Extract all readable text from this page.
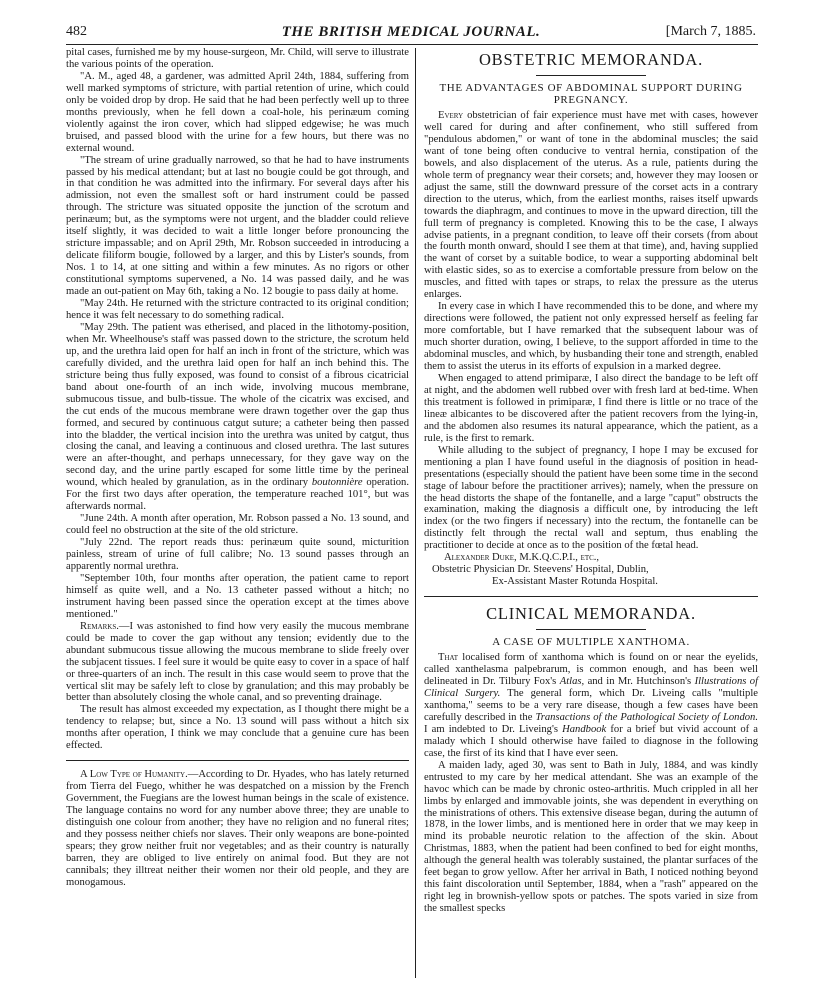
482	THE BRITISH MEDICAL JOURNAL.	[March 7, 1885.

pital cases, furnished me by my house-surgeon, Mr. Child, will serve to illustrate the various points of the operation.

"A. M., aged 48, a gardener, was admitted April 24th, 1884, suffering from well marked symptoms of stricture, with partial retention of urine, which could only be voided drop by drop. He said that he had been perfectly well up to three months previously, when he fell down a coal-hole, his perinæum coming violently against the iron cover, which had slipped edgewise; he was much bruised, and passed blood with the urine for a few hours, but there was no external wound.

"The stream of urine gradually narrowed, so that he had to have instruments passed by his medical attendant; but at last no bougie could be got through, and in that condition he was admitted into the infirmary. For several days after his admission, not even the smallest soft or hard instrument could be passed through. The stricture was situated opposite the junction of the scrotum and perinæum; but, as the symptoms were not urgent, and the bladder could relieve itself slightly, it was decided to wait a little longer before pronouncing the stricture impassable; and on April 29th, Mr. Robson succeeded in introducing a delicate filiform bougie, followed by a larger, and this by Lister's sounds, from Nos. 1 to 14, at one sitting and within a few minutes. As no rigors or other constitutional symptoms supervened, a No. 14 was passed daily, and he was made an out-patient on May 6th, taking a No. 12 bougie to pass daily at home.

"May 24th. He returned with the stricture contracted to its original condition; hence it was felt necessary to do something radical.

"May 29th. The patient was etherised, and placed in the lithotomy-position, when Mr. Wheelhouse's staff was passed down to the stricture, the scrotum held up, and the urethra laid open for half an inch in front of the stricture, which was carefully divided, and the urethra laid open for half an inch behind this. The stricture being thus fully exposed, was found to consist of a fibrous cicatricial band about one-fourth of an inch wide, involving mucous membrane, submucous tissue, and bulb-tissue. The whole of the cicatrix was excised, and the cut ends of the mucous membrane were drawn together over the gap thus formed, and secured by continuous catgut suture; a catheter being then passed into the bladder, the vertical incision into the urethra was united by catgut, thus closing the canal, and leaving a continuous and closed urethra. The last sutures were an after-thought, and perhaps unnecessary, for they gave way on the second day, and the urine partly escaped for some little time by the perineal wound, which healed by granulation, as in the ordinary boutonnière operation. For the first two days after operation, the temperature reached 101°, but was afterwards normal.

"June 24th. A month after operation, Mr. Robson passed a No. 13 sound, and could feel no obstruction at the site of the old stricture.

"July 22nd. The report reads thus: perinæum quite sound, micturition painless, stream of urine of full calibre; No. 13 sound passes through an apparently normal urethra.

"September 10th, four months after operation, the patient came to report himself as quite well, and a No. 13 catheter passed without a hitch; no instrument having been passed since the operation except at the times above mentioned."

Remarks.—I was astonished to find how very easily the mucous membrane could be made to cover the gap without any tension; evidently due to the abundant submucous tissue allowing the mucous membrane to slide freely over the subjacent tissues. I feel sure it would be quite easy to cover in a space of half or three-quarters of an inch. The result in this case would seem to prove that the vertical slit may be safely left to close by granulation; and this may probably be better than absolutely closing the whole canal, and so preventing drainage.

The result has almost exceeded my expectation, as I thought there might be a tendency to relapse; but, since a No. 13 sound will pass without a hitch six months after operation, I think we may conclude that a genuine cure has been effected.

A Low Type of Humanity.—According to Dr. Hyades, who has lately returned from Tierra del Fuego, whither he was despatched on a mission by the French Government, the Fuegians are the lowest human beings in the scale of existence. The language contains no word for any number above three; they are unable to distinguish one colour from another; they have no religion and no funeral rites; and they possess neither chiefs nor slaves. Their only weapons are bone-pointed spears; they grow neither fruit nor vegetables; and as their country is naturally barren, they are obliged to live entirely on animal food. But they are not cannibals; they illtreat neither their women nor their old people, and they are monogamous.

OBSTETRIC MEMORANDA.
THE ADVANTAGES OF ABDOMINAL SUPPORT DURING PREGNANCY.

Every obstetrician of fair experience must have met with cases, however well cared for during and after confinement, who still suffered from "pendulous abdomen," or want of tone in the abdominal muscles; the said want of tone being often conducive to ventral hernia, constipation of the bowels, and also displacement of the uterus. As a rule, patients during the whole term of pregnancy wear their corsets; and, however they may loosen or adjust the same, still the downward pressure of the corset acts in a contrary direction to the uterus, which, from the earliest months, raises itself upwards towards the diaphragm, and continues to move in the upward direction, till the full term of pregnancy is completed. Knowing this to be the case, I always advise patients, in a pregnant condition, to leave off their corsets (from about the fourth month onward, should I see them at that time), and, having supplied the want of corset by a suitable bodice, to wear a supporting abdominal belt with elastic sides, so as to exercise a comfortable pressure from below on the muscles, and fitted with tapes or straps, to relax the pressure as the uterus enlarges.

In every case in which I have recommended this to be done, and where my directions were followed, the patient not only expressed herself as feeling far more comfortable, but I have remarked that the subsequent labour was of much shorter duration, owing, I believe, to the support afforded in time to the abdominal muscles, and which, by husbanding their tone and strength, enabled them to assist the uterus in its efforts of expulsion in a marked degree.

When engaged to attend primiparæ, I also direct the bandage to be left off at night, and the abdomen well rubbed over with fresh lard at bed-time. When this treatment is followed in primiparæ, I find there is little or no trace of the lineæ albicantes to be discovered after the patient recovers from the lying-in, and the abdomen also resumes its natural appearance, which the patient, as a rule, is the first to remark.

While alluding to the subject of pregnancy, I hope I may be excused for mentioning a plan I have found useful in the diagnosis of position in head-presentations (especially should the patient have been some time in the second stage of labour before the practitioner arrives); namely, when the pressure on the head distorts the shape of the fontanelle, and a large "caput" obstructs the examination, making the diagnosis a difficult one, by introducing the left index (or the two fingers if necessary) into the rectum, the fontanelle can be distinctly felt through the rectal wall and septum, thus enabling the practitioner to decide at once as to the position of the fœtal head.

Alexander Duke, M.K.Q.C.P.I., etc.,
Obstetric Physician Dr. Steevens' Hospital, Dublin,
Ex-Assistant Master Rotunda Hospital.
CLINICAL MEMORANDA.
A CASE OF MULTIPLE XANTHOMA.

That localised form of xanthoma which is found on or near the eyelids, called xanthelasma palpebrarum, is common enough, and has been well delineated in Dr. Tilbury Fox's Atlas, and in Mr. Hutchinson's Illustrations of Clinical Surgery. The general form, which Dr. Liveing calls "multiple xanthoma," seems to be a very rare disease, though a few cases have been carefully described in the Transactions of the Pathological Society of London. I am indebted to Dr. Liveing's Handbook for a brief but vivid account of a malady which I should otherwise have failed to diagnose in the following case, the first of its kind that I have ever seen.

A maiden lady, aged 30, was sent to Bath in July, 1884, and was kindly entrusted to my care by her medical attendant. She was an example of the havoc which can be made by chronic osteo-arthritis. Much crippled in all her limbs by enlarged and immovable joints, she was dependent in everything on the ministrations of others. This extensive disease began, during the autumn of 1878, in the lower limbs, and is mentioned here in order that we may keep in mind its probable neurotic relation to the affection of the skin. About Christmas, 1883, when the patient had been confined to bed for eight months, although the general health was tolerably sustained, the plantar surfaces of the feet began to grow yellow. After her arrival in Bath, I noticed nothing beyond this faint discoloration until September, 1884, when a "rash" appeared on the right leg in brownish-yellow spots or patches. The spots varied in size from the smallest specks
